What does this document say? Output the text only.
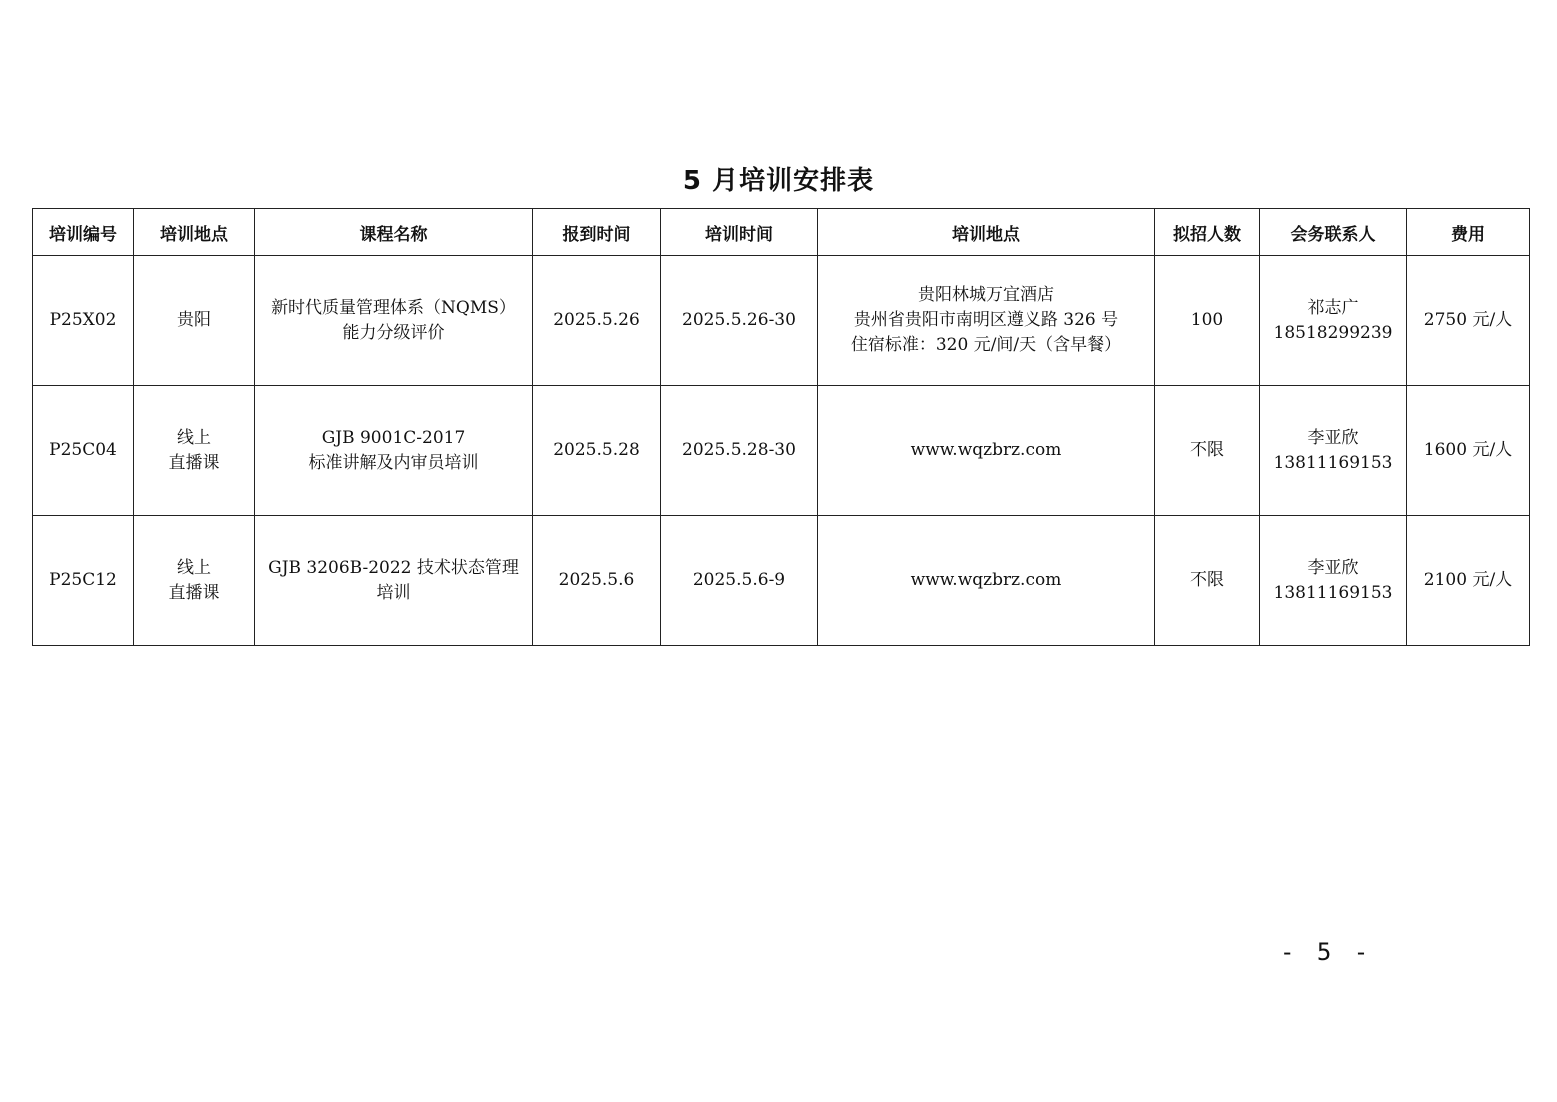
5 月培训安排表
培训编号	培训地点	课程名称	报到时间	培训时间	培训地点	拟招人数	会务联系人	费用
P25X02	贵阳	新时代质量管理体系（NQMS）
能力分级评价	2025.5.26	2025.5.26-30	贵阳林城万宜酒店
贵州省贵阳市南明区遵义路 326 号
住宿标准：320 元/间/天（含早餐）	100	祁志广
18518299239	2750 元/人
P25C04	线上
直播课	GJB 9001C-2017
标准讲解及内审员培训	2025.5.28	2025.5.28-30	www.wqzbrz.com	不限	李亚欣
13811169153	1600 元/人
P25C12	线上
直播课	GJB 3206B-2022 技术状态管理
培训	2025.5.6	2025.5.6-9	www.wqzbrz.com	不限	李亚欣
13811169153	2100 元/人
- 5 -
